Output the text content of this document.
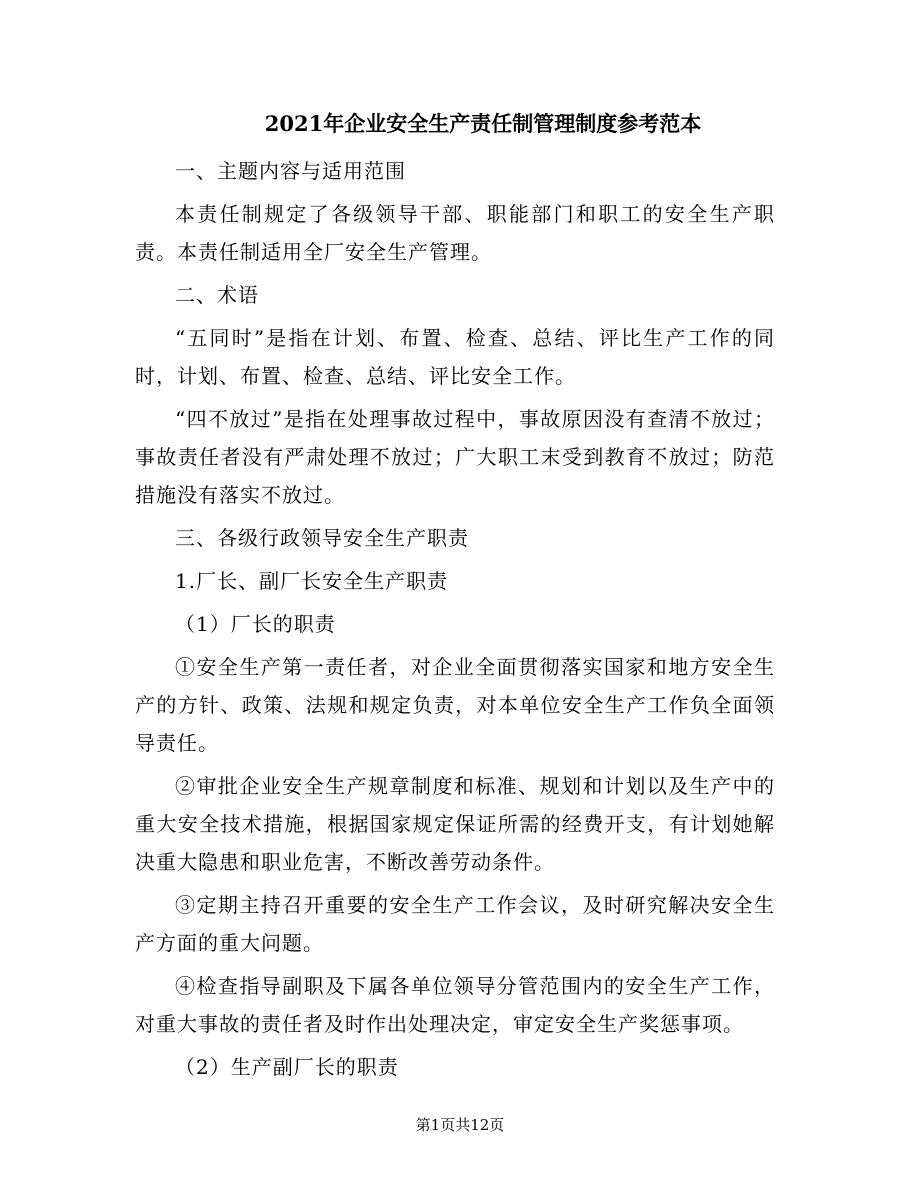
2021年企业安全生产责任制管理制度参考范本

一、主题内容与适用范围

本责任制规定了各级领导干部、职能部门和职工的安全生产职责。本责任制适用全厂安全生产管理。

二、术语

“五同时”是指在计划、布置、检查、总结、评比生产工作的同时，计划、布置、检查、总结、评比安全工作。

“四不放过”是指在处理事故过程中，事故原因没有查清不放过；事故责任者没有严肃处理不放过；广大职工末受到教育不放过；防范措施没有落实不放过。

三、各级行政领导安全生产职责

1.厂长、副厂长安全生产职责

（1）厂长的职责

①安全生产第一责任者，对企业全面贯彻落实国家和地方安全生产的方针、政策、法规和规定负责，对本单位安全生产工作负全面领导责任。

②审批企业安全生产规章制度和标准、规划和计划以及生产中的重大安全技术措施，根据国家规定保证所需的经费开支，有计划她解决重大隐患和职业危害，不断改善劳动条件。

③定期主持召开重要的安全生产工作会议，及时研究解决安全生产方面的重大问题。

④检查指导副职及下属各单位领导分管范围内的安全生产工作，对重大事故的责任者及时作出处理决定，审定安全生产奖惩事项。

（2）生产副厂长的职责

第1页共12页
